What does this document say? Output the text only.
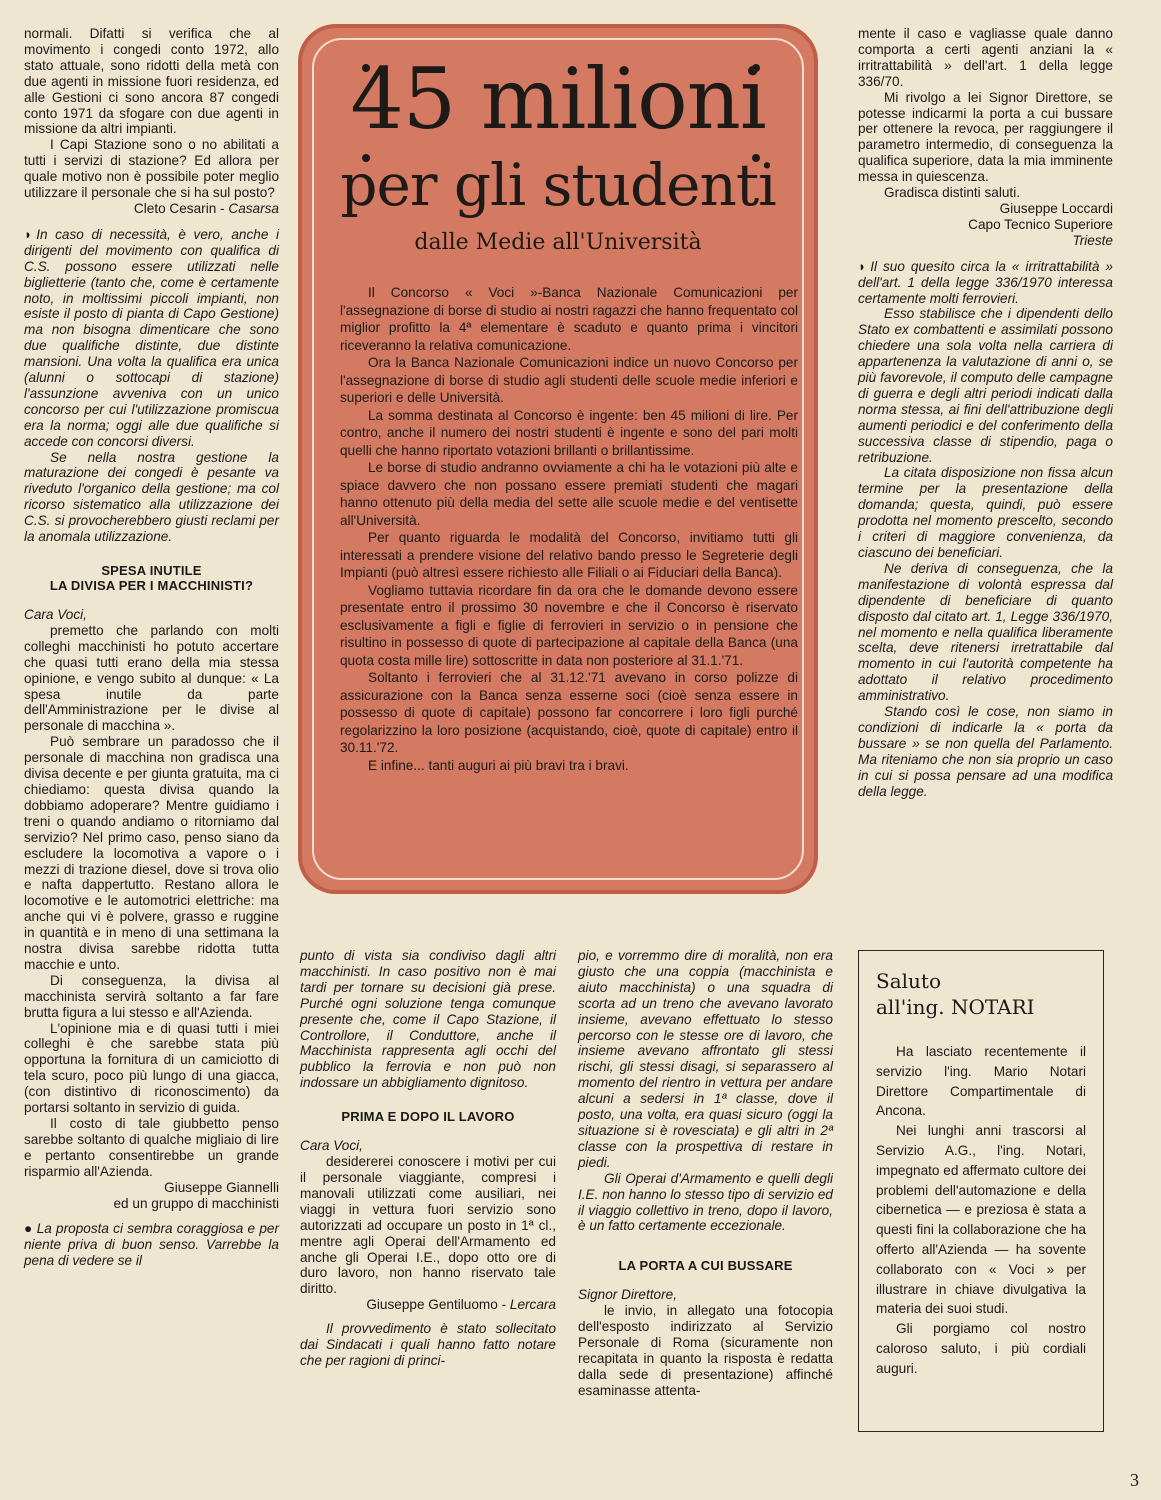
normali. Difatti si verifica che al movimento i congedi conto 1972, allo stato attuale, sono ridotti della metà con due agenti in missione fuori residenza, ed alle Gestioni ci sono ancora 87 congedi conto 1971 da sfogare con due agenti in missione da altri impianti.

I Capi Stazione sono o no abilitati a tutti i servizi di stazione? Ed allora per quale motivo non è possibile poter meglio utilizzare il personale che si ha sul posto?

Cleto Cesarin - Casarsa

◗ In caso di necessità, è vero, anche i dirigenti del movimento con qualifica di C.S. possono essere utilizzati nelle biglietterie (tanto che, come è certamente noto, in moltissimi piccoli impianti, non esiste il posto di pianta di Capo Gestione) ma non bisogna dimenticare che sono due qualifiche distinte, due distinte mansioni. Una volta la qualifica era unica (alunni o sottocapi di stazione) l'assunzione avveniva con un unico concorso per cui l'utilizzazione promiscua era la norma; oggi alle due qualifiche si accede con concorsi diversi.

Se nella nostra gestione la maturazione dei congedi è pesante va riveduto l'organico della gestione; ma col ricorso sistematico alla utilizzazione dei C.S. si provocherebbero giusti reclami per la anomala utilizzazione.

SPESA INUTILE
LA DIVISA PER I MACCHINISTI?

Cara Voci,

premetto che parlando con molti colleghi macchinisti ho potuto accertare che quasi tutti erano della mia stessa opinione, e vengo subito al dunque: « La spesa inutile da parte dell'Amministrazione per le divise al personale di macchina ».

Può sembrare un paradosso che il personale di macchina non gradisca una divisa decente e per giunta gratuita, ma ci chiediamo: questa divisa quando la dobbiamo adoperare? Mentre guidiamo i treni o quando andiamo o ritorniamo dal servizio? Nel primo caso, penso siano da escludere la locomotiva a vapore o i mezzi di trazione diesel, dove si trova olio e nafta dappertutto. Restano allora le locomotive e le automotrici elettriche: ma anche qui vi è polvere, grasso e ruggine in quantità e in meno di una settimana la nostra divisa sarebbe ridotta tutta macchie e unto.

Di conseguenza, la divisa al macchinista servirà soltanto a far fare brutta figura a lui stesso e all'Azienda.

L'opinione mia e di quasi tutti i miei colleghi è che sarebbe stata più opportuna la fornitura di un camiciotto di tela scuro, poco più lungo di una giacca, (con distintivo di riconoscimento) da portarsi soltanto in servizio di guida.

Il costo di tale giubbetto penso sarebbe soltanto di qualche migliaio di lire e pertanto consentirebbe un grande risparmio all'Azienda.

Giuseppe Giannelli

ed un gruppo di macchinisti

● La proposta ci sembra coraggiosa e per niente priva di buon senso. Varrebbe la pena di vedere se il

45 milioni
per gli studenti
dalle Medie all'Università

Il Concorso « Voci »-Banca Nazionale Comunicazioni per l'assegnazione di borse di studio ai nostri ragazzi che hanno frequentato col miglior profitto la 4ª elementare è scaduto e quanto prima i vincitori riceveranno la relativa comunicazione.

Ora la Banca Nazionale Comunicazioni indice un nuovo Concorso per l'assegnazione di borse di studio agli studenti delle scuole medie inferiori e superiori e delle Università.

La somma destinata al Concorso è ingente: ben 45 milioni di lire. Per contro, anche il numero dei nostri studenti è ingente e sono del pari molti quelli che hanno riportato votazioni brillanti o brillantissime.

Le borse di studio andranno ovviamente a chi ha le votazioni più alte e spiace davvero che non possano essere premiati studenti che magari hanno ottenuto più della media del sette alle scuole medie e del ventisette all'Università.

Per quanto riguarda le modalità del Concorso, invitiamo tutti gli interessati a prendere visione del relativo bando presso le Segreterie degli Impianti (può altresì essere richiesto alle Filiali o ai Fiduciari della Banca).

Vogliamo tuttavia ricordare fin da ora che le domande devono essere presentate entro il prossimo 30 novembre e che il Concorso è riservato esclusivamente a figli e figlie di ferrovieri in servizio o in pensione che risultino in possesso di quote di partecipazione al capitale della Banca (una quota costa mille lire) sottoscritte in data non posteriore al 31.1.'71.

Soltanto i ferrovieri che al 31.12.'71 avevano in corso polizze di assicurazione con la Banca senza esserne soci (cioè senza essere in possesso di quote di capitale) possono far concorrere i loro figli purché regolarizzino la loro posizione (acquistando, cioè, quote di capitale) entro il 30.11.'72.

E infine... tanti auguri ai più bravi tra i bravi.

punto di vista sia condiviso dagli altri macchinisti. In caso positivo non è mai tardi per tornare su decisioni già prese. Purché ogni soluzione tenga comunque presente che, come il Capo Stazione, il Controllore, il Conduttore, anche il Macchinista rappresenta agli occhi del pubblico la ferrovia e non può non indossare un abbigliamento dignitoso.

PRIMA E DOPO IL LAVORO

Cara Voci,

desidererei conoscere i motivi per cui il personale viaggiante, compresi i manovali utilizzati come ausiliari, nei viaggi in vettura fuori servizio sono autorizzati ad occupare un posto in 1ª cl., mentre agli Operai dell'Armamento ed anche gli Operai I.E., dopo otto ore di duro lavoro, non hanno riservato tale diritto.

Giuseppe Gentiluomo - Lercara

Il provvedimento è stato sollecitato dai Sindacati i quali hanno fatto notare che per ragioni di princi-

pio, e vorremmo dire di moralità, non era giusto che una coppia (macchinista e aiuto macchinista) o una squadra di scorta ad un treno che avevano lavorato insieme, avevano effettuato lo stesso percorso con le stesse ore di lavoro, che insieme avevano affrontato gli stessi rischi, gli stessi disagi, si separassero al momento del rientro in vettura per andare alcuni a sedersi in 1ª classe, dove il posto, una volta, era quasi sicuro (oggi la situazione si è rovesciata) e gli altri in 2ª classe con la prospettiva di restare in piedi.

Gli Operai d'Armamento e quelli degli I.E. non hanno lo stesso tipo di servizio ed il viaggio collettivo in treno, dopo il lavoro, è un fatto certamente eccezionale.

LA PORTA A CUI BUSSARE

Signor Direttore,

le invio, in allegato una fotocopia dell'esposto indirizzato al Servizio Personale di Roma (sicuramente non recapitata in quanto la risposta è redatta dalla sede di presentazione) affinché esaminasse attenta-

mente il caso e vagliasse quale danno comporta a certi agenti anziani la « irritrattabilità » dell'art. 1 della legge 336/70.

Mi rivolgo a lei Signor Direttore, se potesse indicarmi la porta a cui bussare per ottenere la revoca, per raggiungere il parametro intermedio, di conseguenza la qualifica superiore, data la mia imminente messa in quiescenza.

Gradisca distinti saluti.

Giuseppe Loccardi

Capo Tecnico Superiore

Trieste

◗ Il suo quesito circa la « irritrattabilità » dell'art. 1 della legge 336/1970 interessa certamente molti ferrovieri.

Esso stabilisce che i dipendenti dello Stato ex combattenti e assimilati possono chiedere una sola volta nella carriera di appartenenza la valutazione di anni o, se più favorevole, il computo delle campagne di guerra e degli altri periodi indicati dalla norma stessa, ai fini dell'attribuzione degli aumenti periodici e del conferimento della successiva classe di stipendio, paga o retribuzione.

La citata disposizione non fissa alcun termine per la presentazione della domanda; questa, quindi, può essere prodotta nel momento prescelto, secondo i criteri di maggiore convenienza, da ciascuno dei beneficiari.

Ne deriva di conseguenza, che la manifestazione di volontà espressa dal dipendente di beneficiare di quanto disposto dal citato art. 1, Legge 336/1970, nel momento e nella qualifica liberamente scelta, deve ritenersi irretrattabile dal momento in cui l'autorità competente ha adottato il relativo procedimento amministrativo.

Stando così le cose, non siamo in condizioni di indicarle la « porta da bussare » se non quella del Parlamento. Ma riteniamo che non sia proprio un caso in cui si possa pensare ad una modifica della legge.

Saluto
all'ing. NOTARI

Ha lasciato recentemente il servizio l'ing. Mario Notari Direttore Compartimentale di Ancona.

Nei lunghi anni trascorsi al Servizio A.G., l'ing. Notari, impegnato ed affermato cultore dei problemi dell'automazione e della cibernetica — e preziosa è stata a questi fini la collaborazione che ha offerto all'Azienda — ha sovente collaborato con « Voci » per illustrare in chiave divulgativa la materia dei suoi studi.

Gli porgiamo col nostro caloroso saluto, i più cordiali auguri.

3
